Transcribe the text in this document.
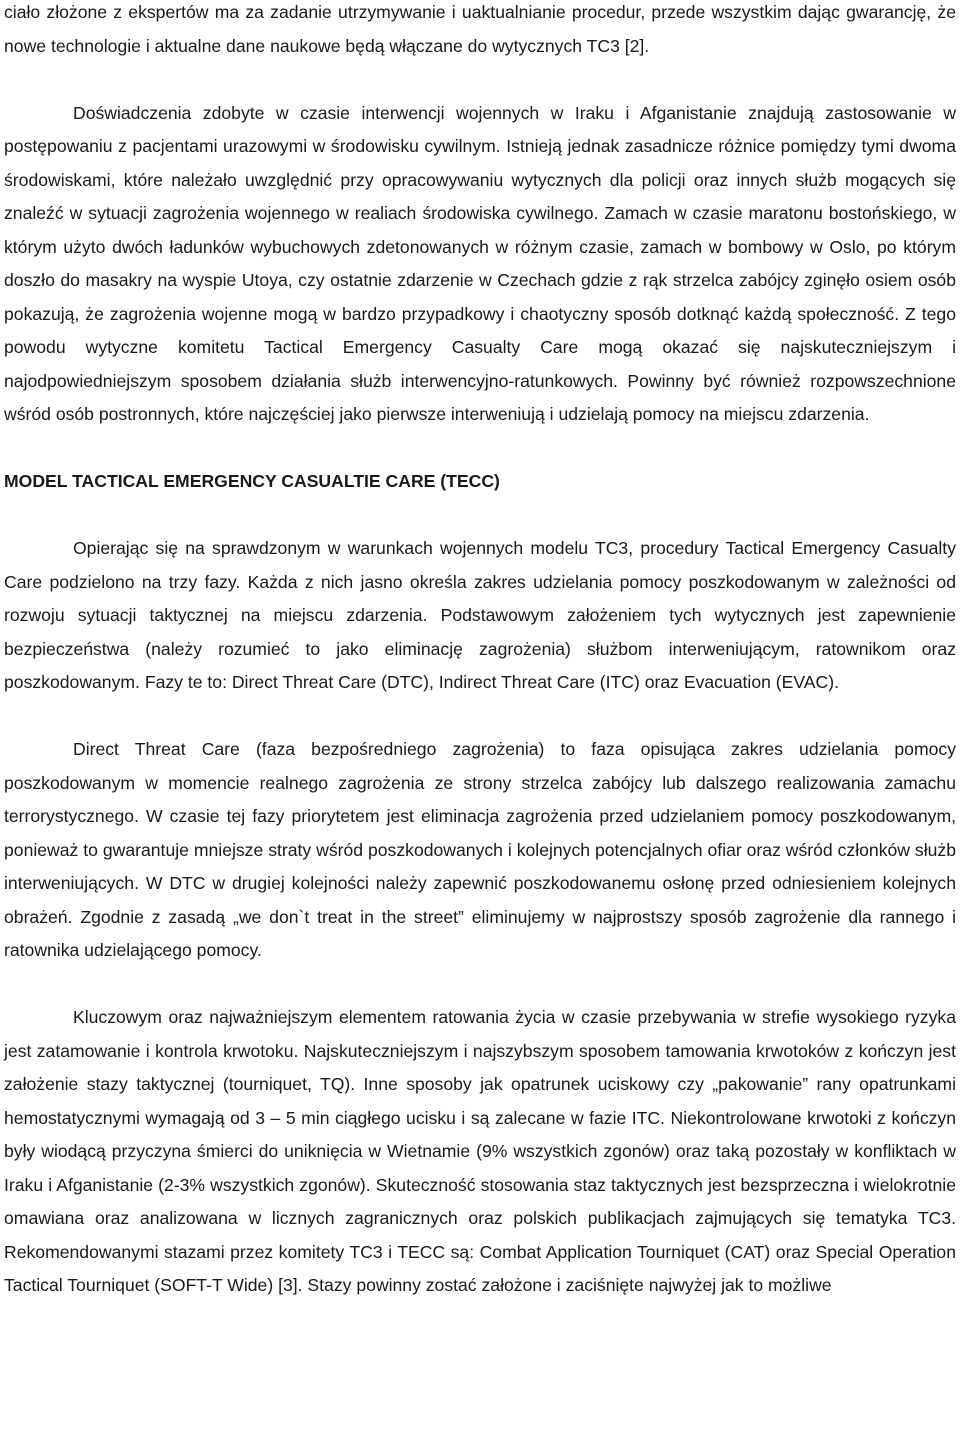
ciało złożone z ekspertów ma za zadanie utrzymywanie i uaktualnianie procedur, przede wszystkim dając gwarancję, że nowe technologie i aktualne dane naukowe będą włączane do wytycznych TC3 [2].

Doświadczenia zdobyte w czasie interwencji wojennych w Iraku i Afganistanie znajdują zastosowanie w postępowaniu z pacjentami urazowymi w środowisku cywilnym. Istnieją jednak zasadnicze różnice pomiędzy tymi dwoma środowiskami, które należało uwzględnić przy opracowywaniu wytycznych dla policji oraz innych służb mogących się znaleźć w sytuacji zagrożenia wojennego w realiach środowiska cywilnego. Zamach w czasie maratonu bostońskiego, w którym użyto dwóch ładunków wybuchowych zdetonowanych w różnym czasie, zamach w bombowy w Oslo, po którym doszło do masakry na wyspie Utoya, czy ostatnie zdarzenie w Czechach gdzie z rąk strzelca zabójcy zginęło osiem osób pokazują, że zagrożenia wojenne mogą w bardzo przypadkowy i chaotyczny sposób dotknąć każdą społeczność. Z tego powodu wytyczne komitetu Tactical Emergency Casualty Care mogą okazać się najskuteczniejszym i najodpowiedniejszym sposobem działania służb interwencyjno-ratunkowych. Powinny być również rozpowszechnione wśród osób postronnych, które najczęściej jako pierwsze interweniują i udzielają pomocy na miejscu zdarzenia.

MODEL TACTICAL EMERGENCY CASUALTIE CARE (TECC)

Opierając się na sprawdzonym w warunkach wojennych modelu TC3, procedury Tactical Emergency Casualty Care podzielono na trzy fazy. Każda z nich jasno określa zakres udzielania pomocy poszkodowanym w zależności od rozwoju sytuacji taktycznej na miejscu zdarzenia. Podstawowym założeniem tych wytycznych jest zapewnienie bezpieczeństwa (należy rozumieć to jako eliminację zagrożenia) służbom interweniującym, ratownikom oraz poszkodowanym. Fazy te to: Direct Threat Care (DTC), Indirect Threat Care (ITC) oraz Evacuation (EVAC).

Direct Threat Care (faza bezpośredniego zagrożenia) to faza opisująca zakres udzielania pomocy poszkodowanym w momencie realnego zagrożenia ze strony strzelca zabójcy lub dalszego realizowania zamachu terrorystycznego. W czasie tej fazy priorytetem jest eliminacja zagrożenia przed udzielaniem pomocy poszkodowanym, ponieważ to gwarantuje mniejsze straty wśród poszkodowanych i kolejnych potencjalnych ofiar oraz wśród członków służb interweniujących. W DTC w drugiej kolejności należy zapewnić poszkodowanemu osłonę przed odniesieniem kolejnych obrażeń. Zgodnie z zasadą „we don`t treat in the street” eliminujemy w najprostszy sposób zagrożenie dla rannego i ratownika udzielającego pomocy.

Kluczowym oraz najważniejszym elementem ratowania życia w czasie przebywania w strefie wysokiego ryzyka jest zatamowanie i kontrola krwotoku. Najskuteczniejszym i najszybszym sposobem tamowania krwotoków z kończyn jest założenie stazy taktycznej (tourniquet, TQ). Inne sposoby jak opatrunek uciskowy czy „pakowanie” rany opatrunkami hemostatycznymi wymagają od 3 – 5 min ciągłego ucisku i są zalecane w fazie ITC. Niekontrolowane krwotoki z kończyn były wiodącą przyczyna śmierci do uniknięcia w Wietnamie (9% wszystkich zgonów) oraz taką pozostały w konfliktach w Iraku i Afganistanie (2-3% wszystkich zgonów). Skuteczność stosowania staz taktycznych jest bezsprzeczna i wielokrotnie omawiana oraz analizowana w licznych zagranicznych oraz polskich publikacjach zajmujących się tematyka TC3. Rekomendowanymi stazami przez komitety TC3 i TECC są: Combat Application Tourniquet (CAT) oraz Special Operation Tactical Tourniquet (SOFT-T Wide) [3]. Stazy powinny zostać założone i zaciśnięte najwyżej jak to możliwe
